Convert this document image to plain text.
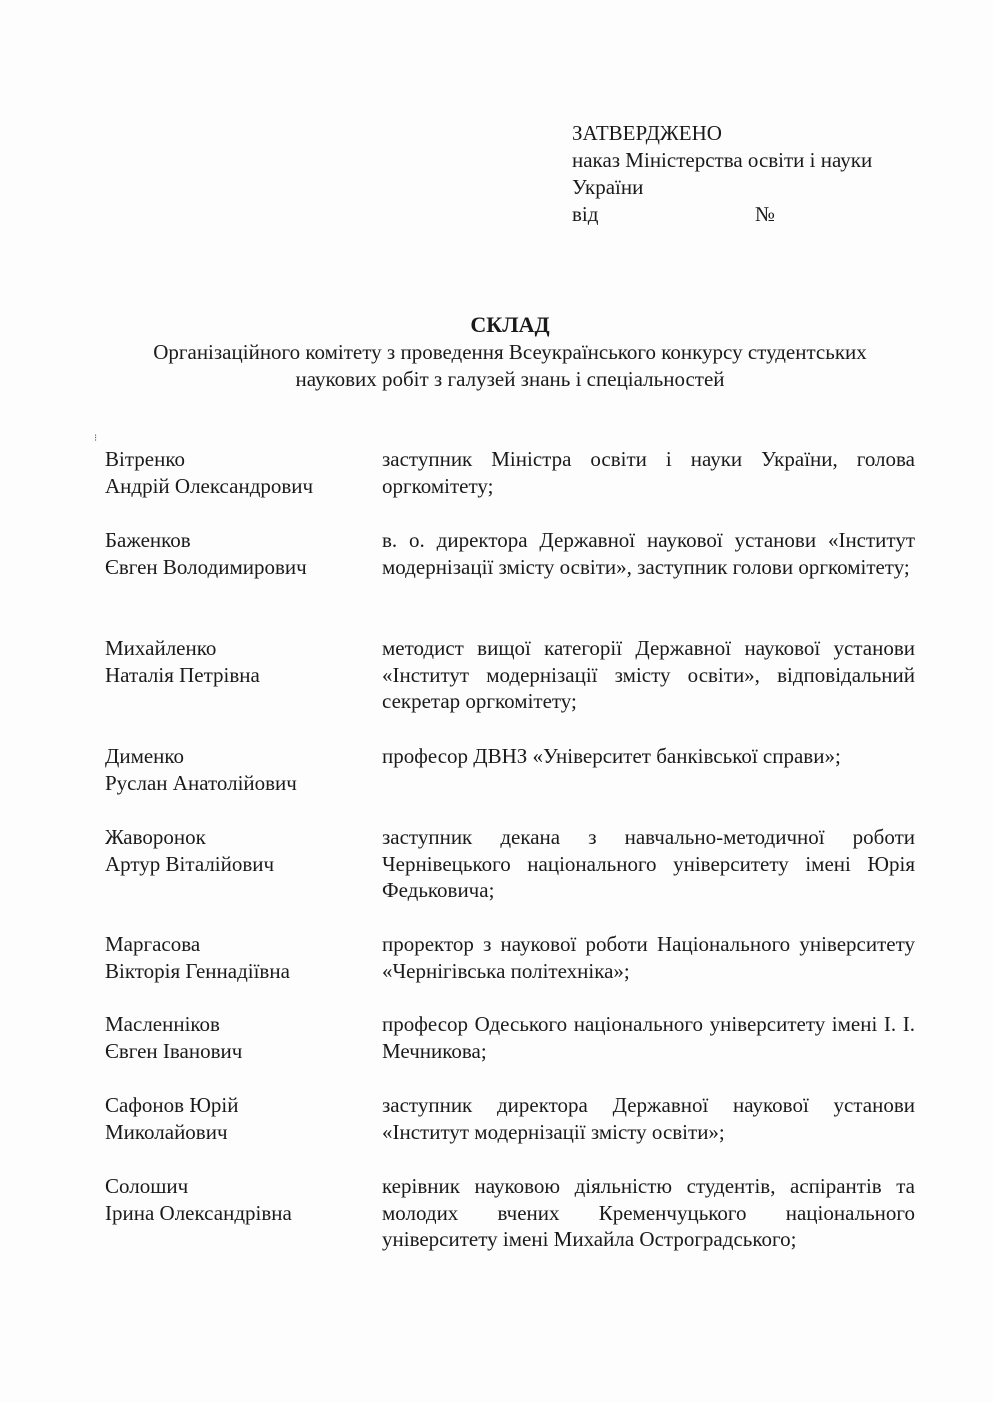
ЗАТВЕРДЖЕНО
наказ Міністерства освіти і науки
України
від	№
СКЛАД
Організаційного комітету з проведення Всеукраїнського конкурсу студентських
наукових робіт з галузей знань і спеціальностей
⁝
Вітренко
Андрій Олександрович
заступник Міністра освіти і науки України, голова оргкомітету;
Баженков
Євген Володимирович
в. о. директора Державної наукової установи «Інститут модернізації змісту освіти», заступник голови оргкомітету;
Михайленко
Наталія Петрівна
методист вищої категорії Державної наукової установи «Інститут модернізації змісту освіти», відповідальний секретар оргкомітету;
Дименко
Руслан Анатолійович
професор ДВНЗ «Університет банківської справи»;
Жаворонок
Артур Віталійович
заступник декана з навчально-методичної роботи Чернівецького національного університету імені Юрія Федьковича;
Маргасова
Вікторія Геннадіївна
проректор з наукової роботи Національного університету «Чернігівська політехніка»;
Масленніков
Євген Іванович
професор Одеського національного університету імені І. І. Мечникова;
Сафонов Юрій
Миколайович
заступник директора Державної наукової установи «Інститут модернізації змісту освіти»;
Солошич
Ірина Олександрівна
керівник науковою діяльністю студентів, аспірантів та молодих вчених Кременчуцького національного університету імені Михайла Остроградського;
